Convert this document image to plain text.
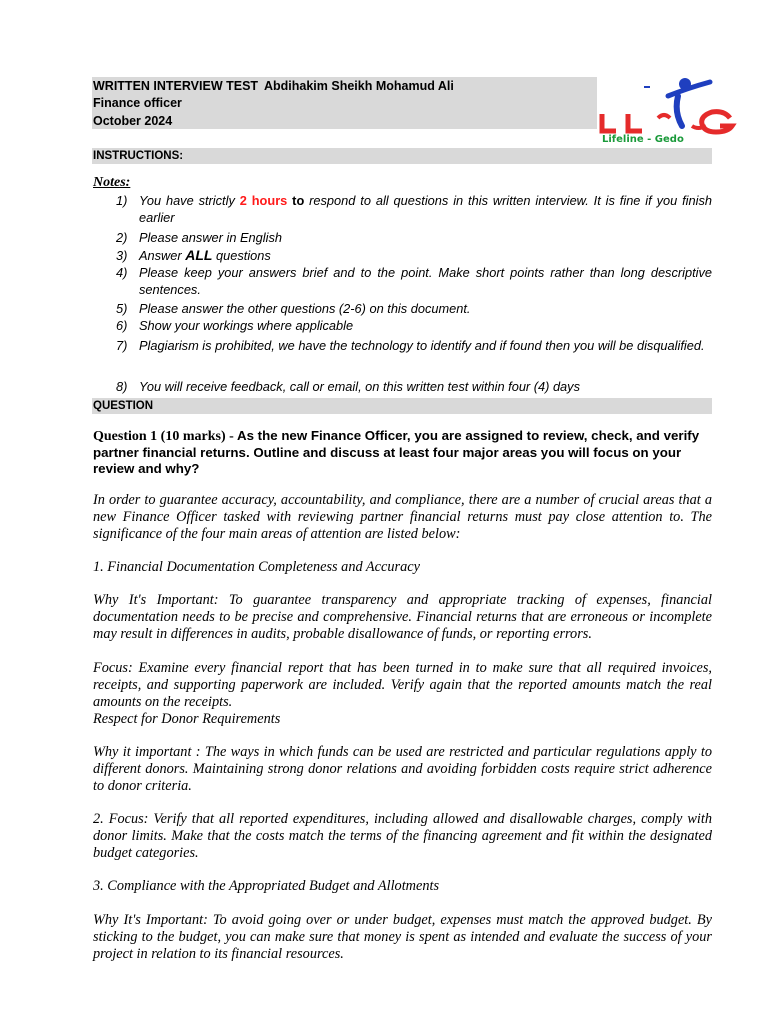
WRITTEN INTERVIEW TEST Abdihakim Sheikh Mohamud Ali
Finance officer
October 2024
Lifeline - Gedo
INSTRUCTIONS:
Notes:
1) You have strictly 2 hours to respond to all questions in this written interview. It is fine if you finish earlier
2) Please answer in English
3) Answer ALL questions
4) Please keep your answers brief and to the point. Make short points rather than long descriptive sentences.
5) Please answer the other questions (2-6) on this document.
6) Show your workings where applicable
7) Plagiarism is prohibited, we have the technology to identify and if found then you will be disqualified.
8) You will receive feedback, call or email, on this written test within four (4) days
QUESTION
Question 1 (10 marks) - As the new Finance Officer, you are assigned to review, check, and verify partner financial returns. Outline and discuss at least four major areas you will focus on your review and why?
In order to guarantee accuracy, accountability, and compliance, there are a number of crucial areas that a new Finance Officer tasked with reviewing partner financial returns must pay close attention to. The significance of the four main areas of attention are listed below:
1. Financial Documentation Completeness and Accuracy
Why It's Important: To guarantee transparency and appropriate tracking of expenses, financial documentation needs to be precise and comprehensive. Financial returns that are erroneous or incomplete may result in differences in audits, probable disallowance of funds, or reporting errors.
Focus: Examine every financial report that has been turned in to make sure that all required invoices, receipts, and supporting paperwork are included. Verify again that the reported amounts match the real amounts on the receipts.
Respect for Donor Requirements
Why it important : The ways in which funds can be used are restricted and particular regulations apply to different donors. Maintaining strong donor relations and avoiding forbidden costs require strict adherence to donor criteria.
2. Focus: Verify that all reported expenditures, including allowed and disallowable charges, comply with donor limits. Make that the costs match the terms of the financing agreement and fit within the designated budget categories.
3. Compliance with the Appropriated Budget and Allotments
Why It's Important: To avoid going over or under budget, expenses must match the approved budget. By sticking to the budget, you can make sure that money is spent as intended and evaluate the success of your project in relation to its financial resources.
